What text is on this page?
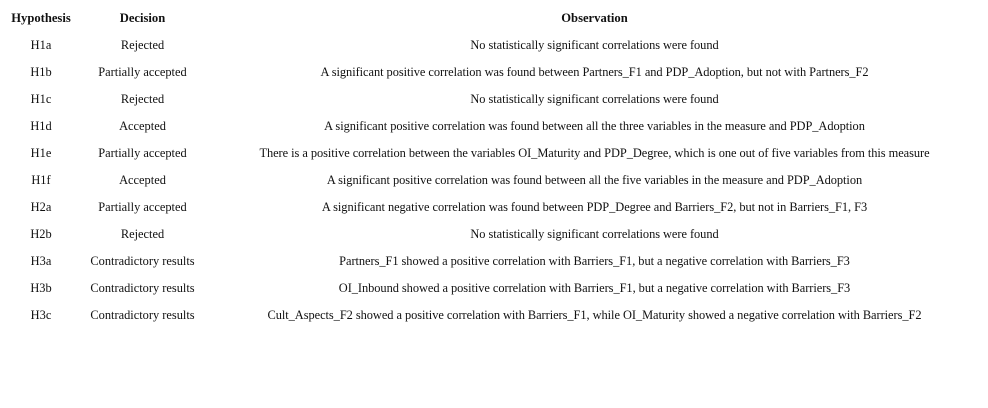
Hypothesis	Decision	Observation
H1a	Rejected	No statistically significant correlations were found
H1b	Partially accepted	A significant positive correlation was found between Partners_F1 and PDP_Adoption, but not with Partners_F2
H1c	Rejected	No statistically significant correlations were found
H1d	Accepted	A significant positive correlation was found between all the three variables in the measure and PDP_Adoption
H1e	Partially accepted	There is a positive correlation between the variables OI_Maturity and PDP_Degree, which is one out of five variables from this measure
H1f	Accepted	A significant positive correlation was found between all the five variables in the measure and PDP_Adoption
H2a	Partially accepted	A significant negative correlation was found between PDP_Degree and Barriers_F2, but not in Barriers_F1, F3
H2b	Rejected	No statistically significant correlations were found
H3a	Contradictory results	Partners_F1 showed a positive correlation with Barriers_F1, but a negative correlation with Barriers_F3
H3b	Contradictory results	OI_Inbound showed a positive correlation with Barriers_F1, but a negative correlation with Barriers_F3
H3c	Contradictory results	Cult_Aspects_F2 showed a positive correlation with Barriers_F1, while OI_Maturity showed a negative correlation with Barriers_F2
